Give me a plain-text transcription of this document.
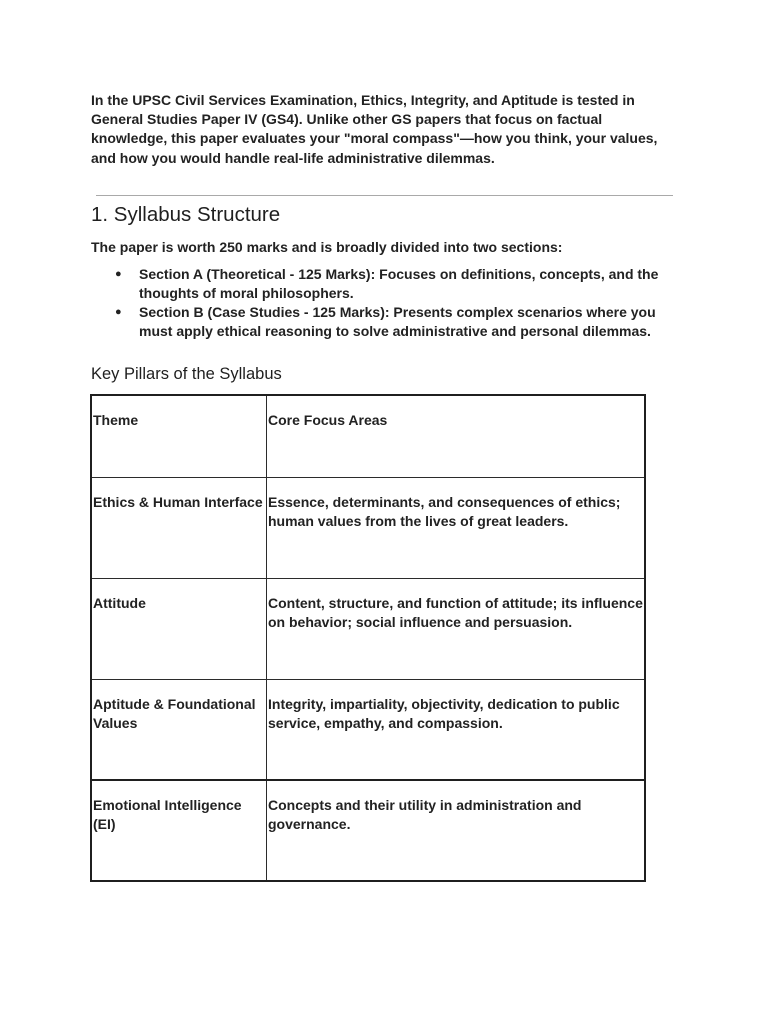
In the UPSC Civil Services Examination, Ethics, Integrity, and Aptitude is tested in General Studies Paper IV (GS4). Unlike other GS papers that focus on factual knowledge, this paper evaluates your "moral compass"—how you think, your values, and how you would handle real-life administrative dilemmas.

1. Syllabus Structure

The paper is worth 250 marks and is broadly divided into two sections:

● Section A (Theoretical - 125 Marks): Focuses on definitions, concepts, and the thoughts of moral philosophers.
● Section B (Case Studies - 125 Marks): Presents complex scenarios where you must apply ethical reasoning to solve administrative and personal dilemmas.
Key Pillars of the Syllabus
Theme	Core Focus Areas
Ethics & Human Interface	Essence, determinants, and consequences of ethics; human values from the lives of great leaders.
Attitude	Content, structure, and function of attitude; its influence on behavior; social influence and persuasion.
Aptitude & Foundational Values	Integrity, impartiality, objectivity, dedication to public service, empathy, and compassion.
Emotional Intelligence (EI)	Concepts and their utility in administration and governance.
